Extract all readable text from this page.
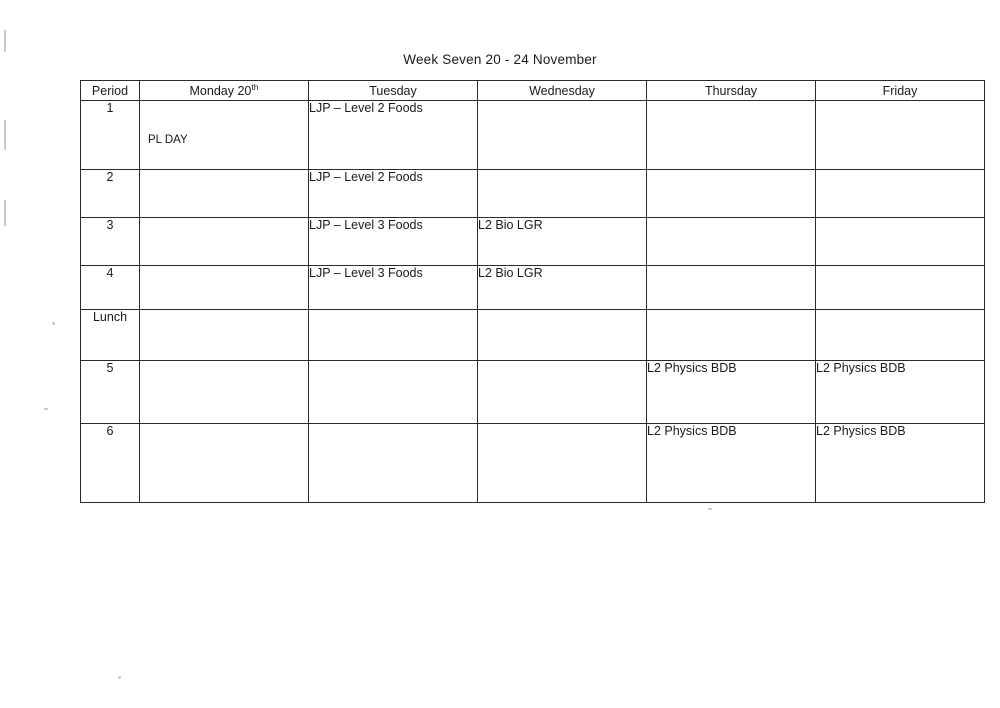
Week Seven 20 - 24 November
Period	Monday 20th	Tuesday	Wednesday	Thursday	Friday
1	PL DAY	LJP – Level 2 Foods			
2		LJP – Level 2 Foods			
3		LJP – Level 3 Foods	L2 Bio LGR		
4		LJP – Level 3 Foods	L2 Bio LGR		
Lunch					
5				L2 Physics BDB	L2 Physics BDB
6				L2 Physics BDB	L2 Physics BDB
